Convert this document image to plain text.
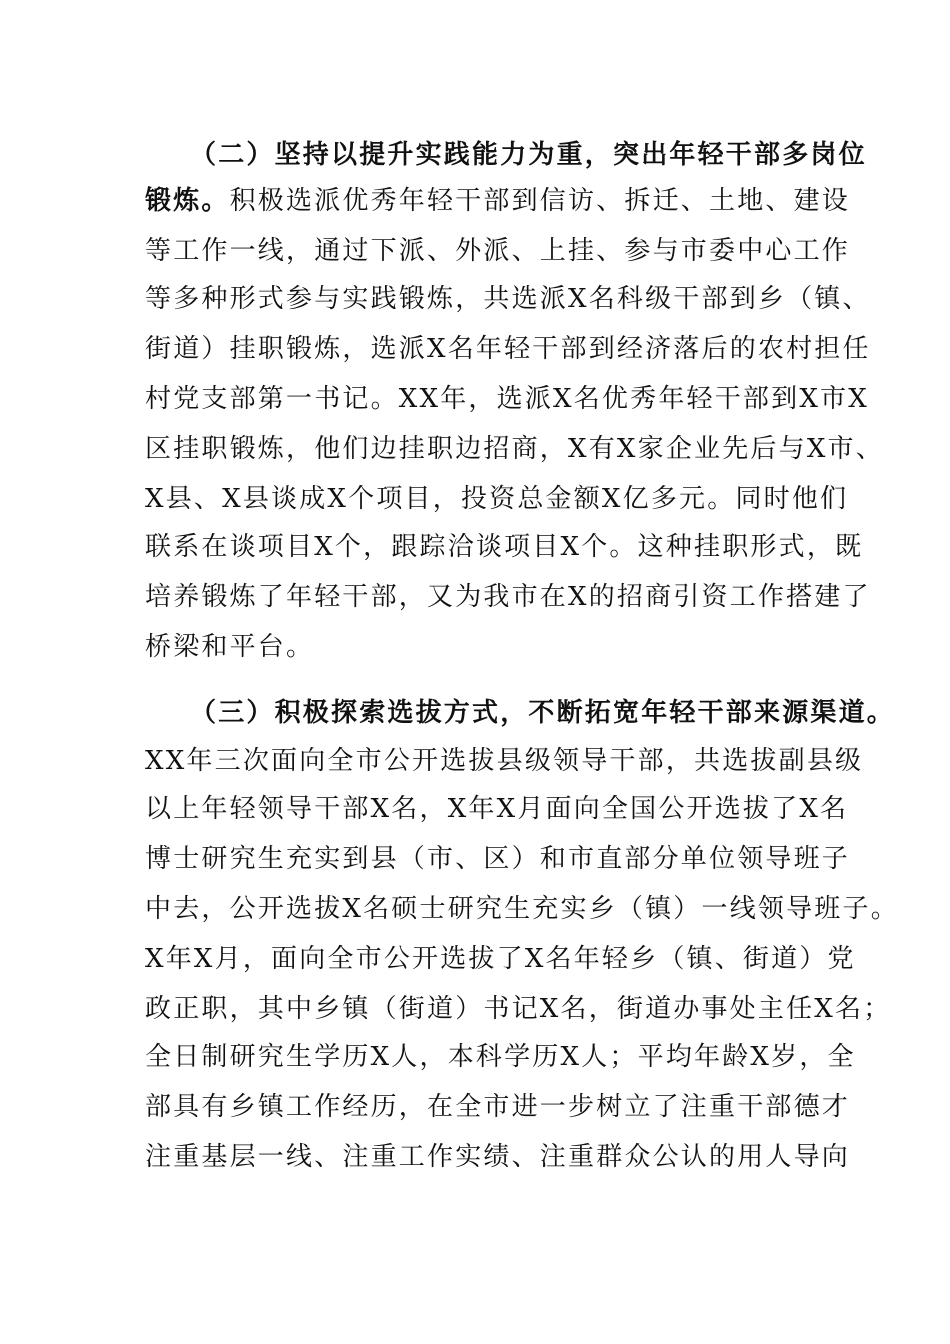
（二）坚持以提升实践能力为重，突出年轻干部多岗位
锻炼。积极选派优秀年轻干部到信访、拆迁、土地、建设
等工作一线，通过下派、外派、上挂、参与市委中心工作
等多种形式参与实践锻炼，共选派X名科级干部到乡（镇、
街道）挂职锻炼，选派X名年轻干部到经济落后的农村担任
村党支部第一书记。XX年，选派X名优秀年轻干部到X市X
区挂职锻炼，他们边挂职边招商，X有X家企业先后与X市、
X县、X县谈成X个项目，投资总金额X亿多元。同时他们
联系在谈项目X个，跟踪洽谈项目X个。这种挂职形式，既
培养锻炼了年轻干部，又为我市在X的招商引资工作搭建了
桥梁和平台。
（三）积极探索选拔方式，不断拓宽年轻干部来源渠道。
XX年三次面向全市公开选拔县级领导干部，共选拔副县级
以上年轻领导干部X名，X年X月面向全国公开选拔了X名
博士研究生充实到县（市、区）和市直部分单位领导班子
中去，公开选拔X名硕士研究生充实乡（镇）一线领导班子。
X年X月，面向全市公开选拔了X名年轻乡（镇、街道）党
政正职，其中乡镇（街道）书记X名，街道办事处主任X名；
全日制研究生学历X人，本科学历X人；平均年龄X岁，全
部具有乡镇工作经历，在全市进一步树立了注重干部德才
注重基层一线、注重工作实绩、注重群众公认的用人导向
